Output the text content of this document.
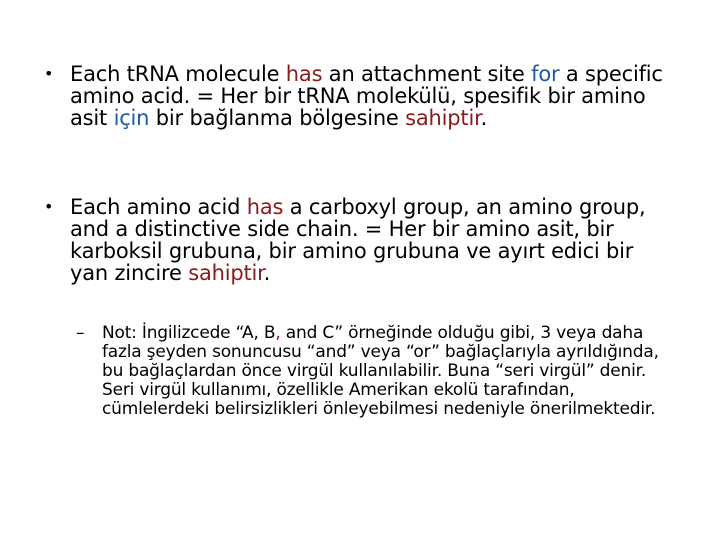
• Each tRNA molecule has an attachment site for a specific amino acid. = Her bir tRNA molekülü, spesifik bir amino asit için bir bağlanma bölgesine sahiptir.
• Each amino acid has a carboxyl group, an amino group, and a distinctive side chain. = Her bir amino asit, bir karboksil grubuna, bir amino grubuna ve ayırt edici bir yan zincire sahiptir.
– Not: İngilizcede “A, B, and C” örneğinde olduğu gibi, 3 veya daha fazla şeyden sonuncusu “and” veya “or” bağlaçlarıyla ayrıldığında, bu bağlaçlardan önce virgül kullanılabilir. Buna “seri virgül” denir. Seri virgül kullanımı, özellikle Amerikan ekolü tarafından, cümlelerdeki belirsizlikleri önleyebilmesi nedeniyle önerilmektedir.
